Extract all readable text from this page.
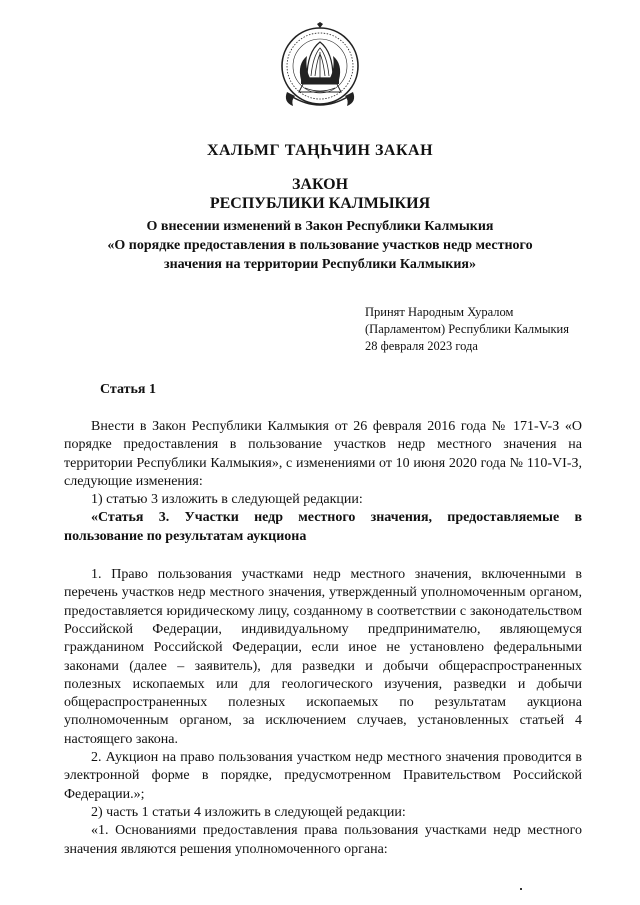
ХАЛЬМГ ТАҢҺЧИН ЗАКАН
ЗАКОН
РЕСПУБЛИКИ КАЛМЫКИЯ
О внесении изменений в Закон Республики Калмыкия
«О порядке предоставления в пользование участков недр местного
значения на территории Республики Калмыкия»
Принят Народным Хуралом
(Парламентом) Республики Калмыкия
28 февраля 2023 года
Статья 1

Внести в Закон Республики Калмыкия от 26 февраля 2016 года № 171-V-З «О порядке предоставления в пользование участков недр местного значения на территории Республики Калмыкия», с изменениями от 10 июня 2020 года № 110-VI-З, следующие изменения:

1) статью 3 изложить в следующей редакции:

«Статья 3. Участки недр местного значения, предоставляемые в пользование по результатам аукциона

1. Право пользования участками недр местного значения, включенными в перечень участков недр местного значения, утвержденный уполномоченным органом, предоставляется юридическому лицу, созданному в соответствии с законодательством Российской Федерации, индивидуальному предпринимателю, являющемуся гражданином Российской Федерации, если иное не установлено федеральными законами (далее – заявитель), для разведки и добычи общераспространенных полезных ископаемых или для геологического изучения, разведки и добычи общераспространенных полезных ископаемых по результатам аукциона уполномоченным органом, за исключением случаев, установленных статьей 4 настоящего закона.

2. Аукцион на право пользования участком недр местного значения проводится в электронной форме в порядке, предусмотренном Правительством Российской Федерации.»;

2) часть 1 статьи 4 изложить в следующей редакции:

«1. Основаниями предоставления права пользования участками недр местного значения являются решения уполномоченного органа:
